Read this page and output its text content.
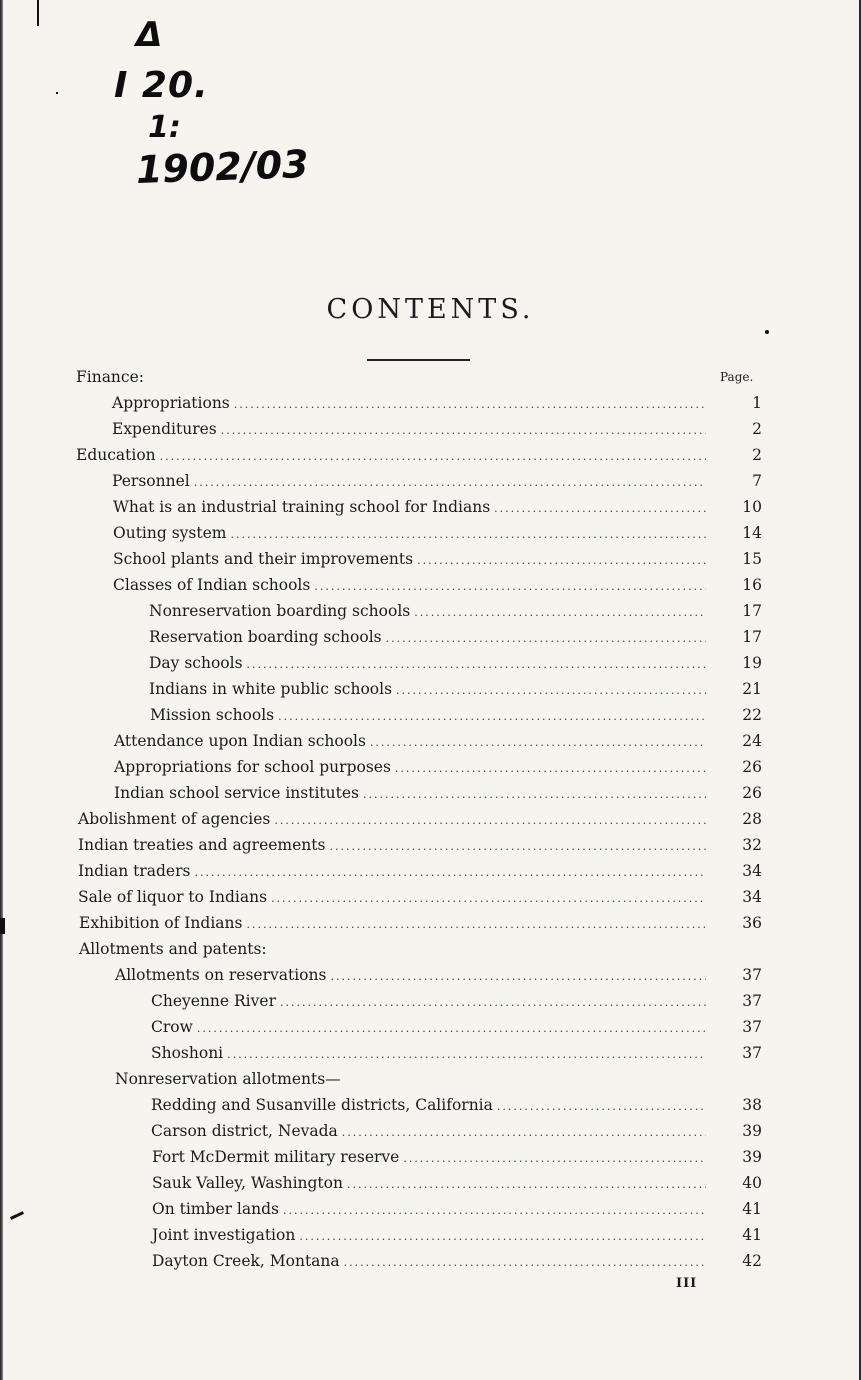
Δ
I 20.
1:
1902/03
CONTENTS.
Page.
Finance:
Appropriations .....	1
Expenditures .....	2
Education .....	2
Personnel .....	7
What is an industrial training school for Indians .....	10
Outing system .....	14
School plants and their improvements .....	15
Classes of Indian schools .....	16
Nonreservation boarding schools .....	17
Reservation boarding schools .....	17
Day schools .....	19
Indians in white public schools .....	21
Mission schools .....	22
Attendance upon Indian schools .....	24
Appropriations for school purposes .....	26
Indian school service institutes .....	26
Abolishment of agencies .....	28
Indian treaties and agreements .....	32
Indian traders .....	34
Sale of liquor to Indians .....	34
Exhibition of Indians .....	36
Allotments and patents:
Allotments on reservations .....	37
Cheyenne River .....	37
Crow .....	37
Shoshoni .....	37
Nonreservation allotments—
Redding and Susanville districts, California .....	38
Carson district, Nevada .....	39
Fort McDermit military reserve .....	39
Sauk Valley, Washington .....	40
On timber lands .....	41
Joint investigation .....	41
Dayton Creek, Montana .....	42
III
